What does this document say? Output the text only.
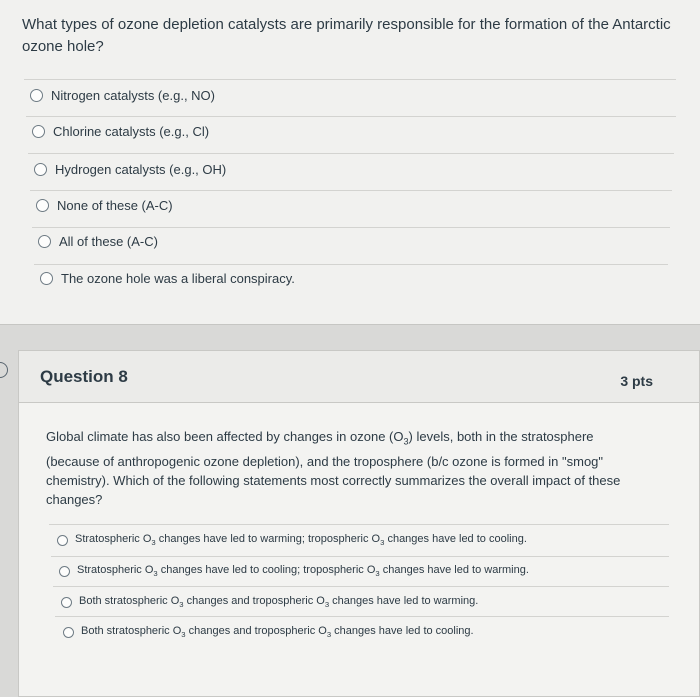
What types of ozone depletion catalysts are primarily responsible for the formation of the Antarctic ozone hole?
Nitrogen catalysts (e.g., NO)
Chlorine catalysts (e.g., Cl)
Hydrogen catalysts (e.g., OH)
None of these (A-C)
All of these (A-C)
The ozone hole was a liberal conspiracy.
Question 8	3 pts
Global climate has also been affected by changes in ozone $(O_3)$ levels, both in the stratosphere (because of anthropogenic ozone depletion), and the troposphere (b/c ozone is formed in "smog" chemistry). Which of the following statements most correctly summarizes the overall impact of these changes?
Stratospheric $O_3$ changes have led to warming; tropospheric $O_3$ changes have led to cooling.
Stratospheric $O_3$ changes have led to cooling; tropospheric $O_3$ changes have led to warming.
Both stratospheric $O_3$ changes and tropospheric $O_3$ changes have led to warming.
Both stratospheric $O_3$ changes and tropospheric $O_3$ changes have led to cooling.
